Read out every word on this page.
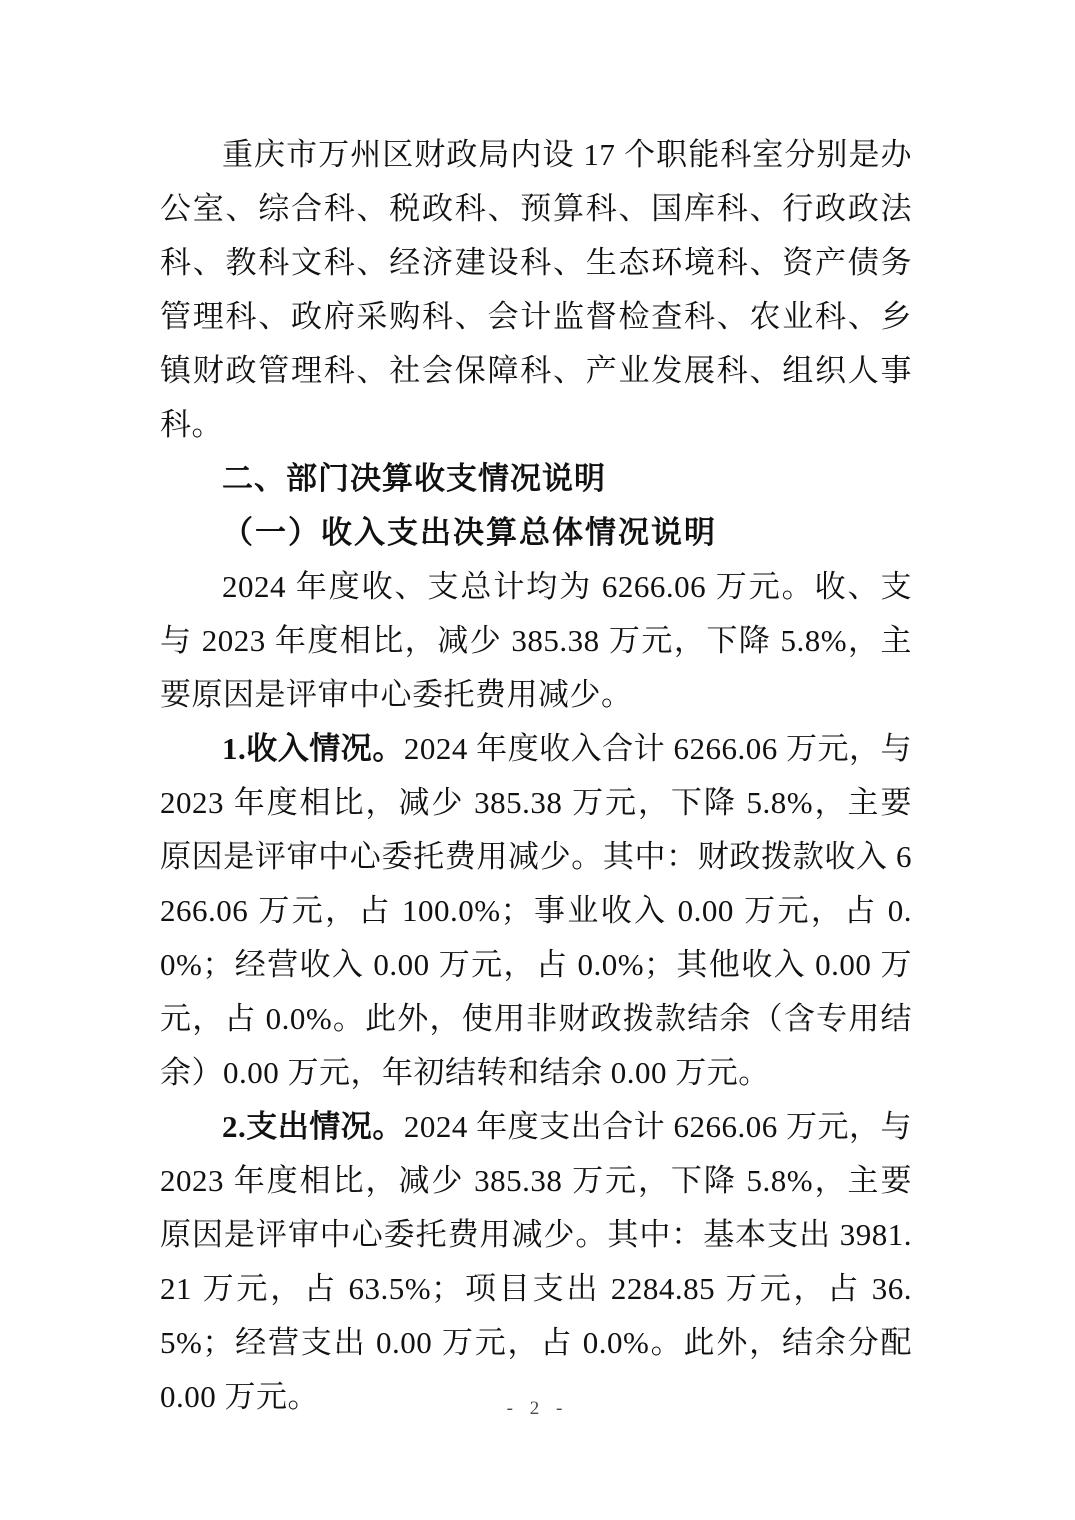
重庆市万州区财政局内设 17 个职能科室分别是办公室、综合科、税政科、预算科、国库科、行政政法科、教科文科、经济建设科、生态环境科、资产债务管理科、政府采购科、会计监督检查科、农业科、乡镇财政管理科、社会保障科、产业发展科、组织人事科。

二、部门决算收支情况说明
（一）收入支出决算总体情况说明

2024 年度收、支总计均为 6266.06 万元。收、支与 2023 年度相比，减少 385.38 万元，下降 5.8%，主要原因是评审中心委托费用减少。

1.收入情况。2024 年度收入合计 6266.06 万元，与 2023 年度相比，减少 385.38 万元，下降 5.8%，主要原因是评审中心委托费用减少。其中：财政拨款收入 6266.06 万元，占 100.0%；事业收入 0.00 万元，占 0.0%；经营收入 0.00 万元，占 0.0%；其他收入 0.00 万元，占 0.0%。此外，使用非财政拨款结余（含专用结余）0.00 万元，年初结转和结余 0.00 万元。

2.支出情况。2024 年度支出合计 6266.06 万元，与 2023 年度相比，减少 385.38 万元，下降 5.8%，主要原因是评审中心委托费用减少。其中：基本支出 3981.21 万元，占 63.5%；项目支出 2284.85 万元，占 36.5%；经营支出 0.00 万元，占 0.0%。此外，结余分配 0.00 万元。	- 2 -
